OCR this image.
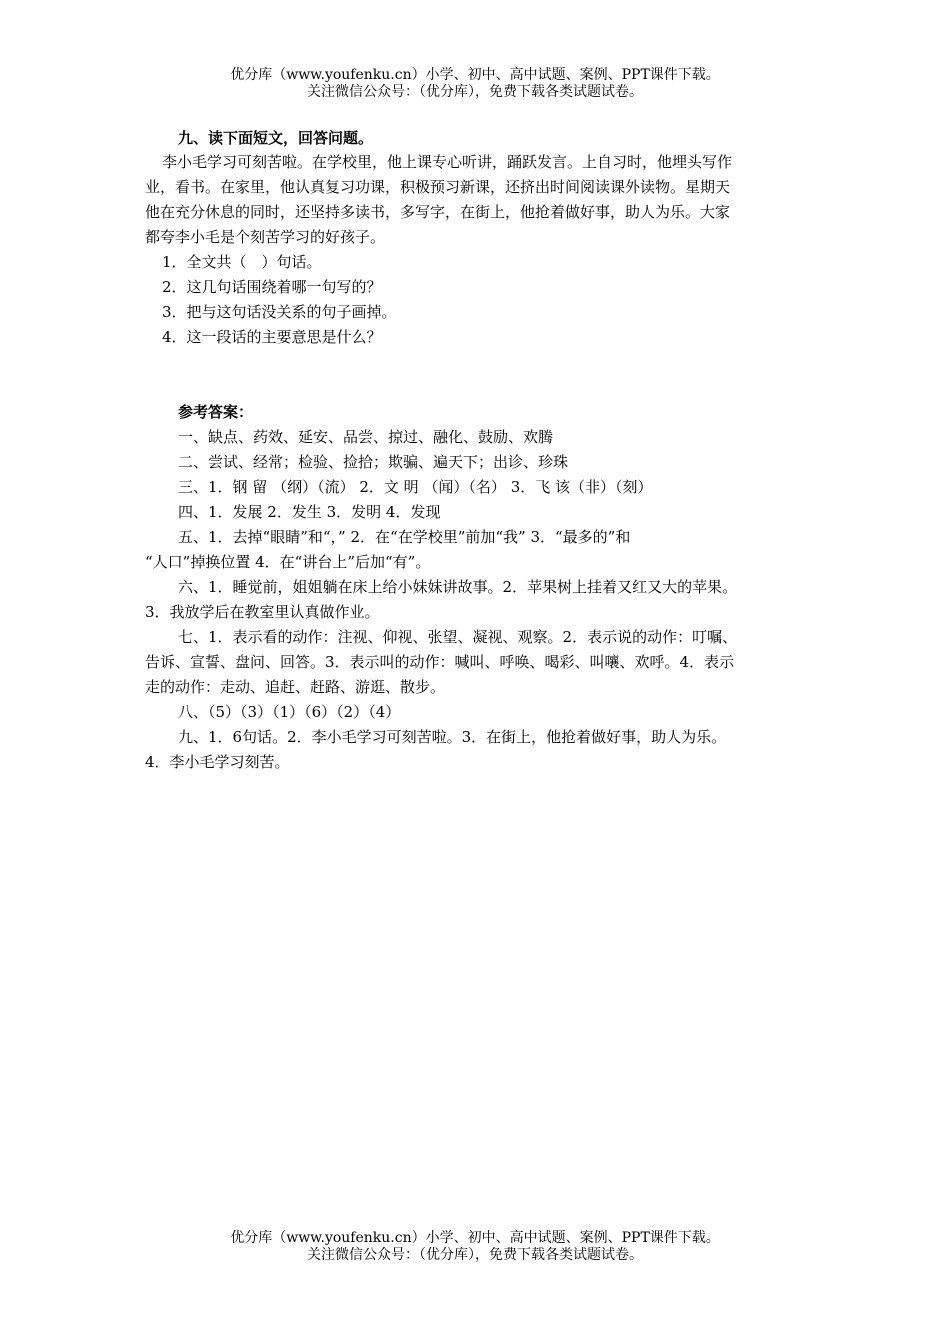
优分库（www.youfenku.cn）小学、初中、高中试题、案例、PPT课件下载。
关注微信公众号：（优分库），免费下载各类试题试卷。
九、读下面短文，回答问题。
李小毛学习可刻苦啦。在学校里，他上课专心听讲，踊跃发言。上自习时，他埋头写作
业，看书。在家里，他认真复习功课，积极预习新课，还挤出时间阅读课外读物。星期天
他在充分休息的同时，还坚持多读书，多写字，在街上，他抢着做好事，助人为乐。大家
都夸李小毛是个刻苦学习的好孩子。
1．全文共（　）句话。
2．这几句话围绕着哪一句写的？
3．把与这句话没关系的句子画掉。
4．这一段话的主要意思是什么？
参考答案：
一、缺点、药效、延安、品尝、掠过、融化、鼓励、欢腾
二、尝试、经常；检验、捡拾；欺骗、遍天下；出诊、珍珠
三、1．钢 留 （纲）（流） 2．文 明 （闻）（名） 3．飞 该（非）（刻）
四、1．发展 2．发生 3．发明 4．发现
五、1．去掉“眼睛”和“，” 2．在“在学校里”前加“我” 3．“最多的”和
“人口”掉换位置 4．在“讲台上”后加“有”。
六、1．睡觉前，姐姐躺在床上给小妹妹讲故事。2．苹果树上挂着又红又大的苹果。
3．我放学后在教室里认真做作业。
七、1．表示看的动作：注视、仰视、张望、凝视、观察。2．表示说的动作：叮嘱、
告诉、宣誓、盘问、回答。3．表示叫的动作：喊叫、呼唤、喝彩、叫嚷、欢呼。4．表示
走的动作：走动、追赶、赶路、游逛、散步。
八、（5）（3）（1）（6）（2）（4）
九、1．6句话。2．李小毛学习可刻苦啦。3．在街上，他抢着做好事，助人为乐。
4．李小毛学习刻苦。
优分库（www.youfenku.cn）小学、初中、高中试题、案例、PPT课件下载。
关注微信公众号：（优分库），免费下载各类试题试卷。
